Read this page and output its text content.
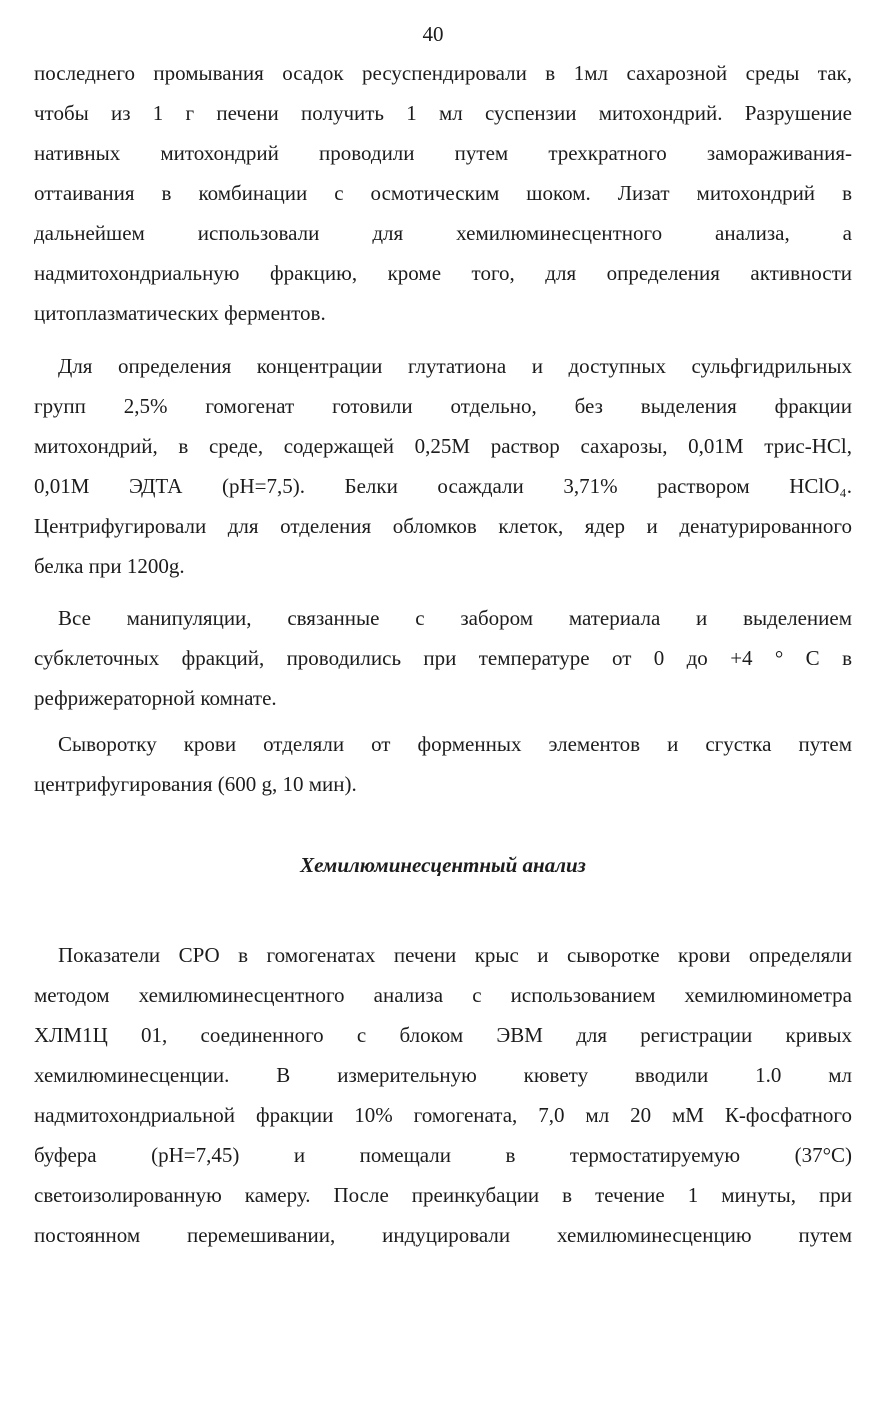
40
последнего промывания осадок ресуспендировали в 1мл сахарозной среды так,
чтобы из 1 г печени получить 1 мл суспензии митохондрий. Разрушение
нативных митохондрий проводили путем трехкратного замораживания-
оттаивания в комбинации с осмотическим шоком. Лизат митохондрий в
дальнейшем использовали для хемилюминесцентного анализа, а
надмитохондриальную фракцию, кроме того, для определения активности
цитоплазматических ферментов.
Для определения концентрации глутатиона и доступных сульфгидрильных
групп 2,5% гомогенат готовили отдельно, без выделения фракции
митохондрий, в среде, содержащей 0,25М раствор сахарозы, 0,01М трис-HCl,
0,01М ЭДТА (pH=7,5). Белки осаждали 3,71% раствором HClO₄.
Центрифугировали для отделения обломков клеток, ядер и денатурированного
белка при 1200g.
Все манипуляции, связанные с забором материала и выделением
субклеточных фракций, проводились при температуре от 0 до +4 ° С в
рефрижераторной комнате.
Сыворотку крови отделяли от форменных элементов и сгустка путем
центрифугирования (600 g, 10 мин).
Хемилюминесцентный анализ
Показатели СРО в гомогенатах печени крыс и сыворотке крови определяли
методом хемилюминесцентного анализа с использованием хемилюминометра
ХЛМ1Ц 01, соединенного с блоком ЭВМ для регистрации кривых
хемилюминесценции. В измерительную кювету вводили 1.0 мл
надмитохондриальной фракции 10% гомогената, 7,0 мл 20 мМ К-фосфатного
буфера (pH=7,45) и помещали в термостатируемую (37°С)
светоизолированную камеру. После преинкубации в течение 1 минуты, при
постоянном перемешивании, индуцировали хемилюминесценцию путем
